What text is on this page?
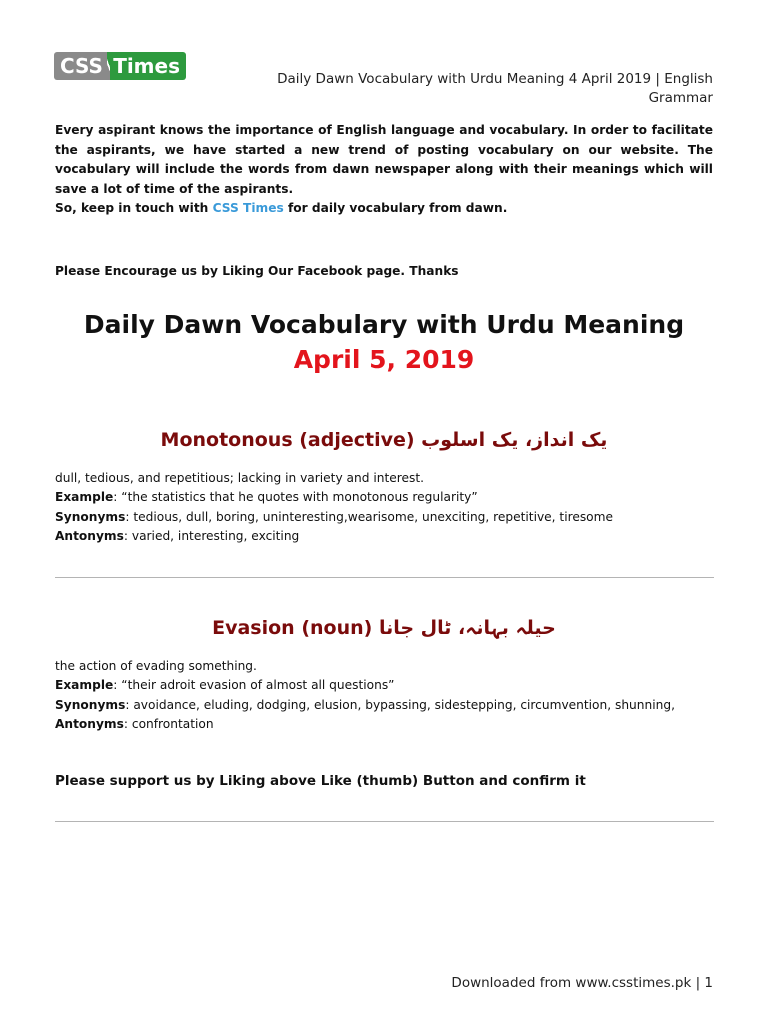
CSS Times
Daily Dawn Vocabulary with Urdu Meaning 4 April 2019 | English Grammar

Every aspirant knows the importance of English language and vocabulary. In order to facilitate the aspirants, we have started a new trend of posting vocabulary on our website. The vocabulary will include the words from dawn newspaper along with their meanings which will save a lot of time of the aspirants.

So, keep in touch with CSS Times for daily vocabulary from dawn.

Please Encourage us by Liking Our Facebook page. Thanks
Daily Dawn Vocabulary with Urdu Meaning
April 5, 2019
Monotonous (adjective) یک انداز، یک اسلوب
dull, tedious, and repetitious; lacking in variety and interest.
Example: “the statistics that he quotes with monotonous regularity”
Synonyms: tedious, dull, boring, uninteresting,wearisome, unexciting, repetitive, tiresome
Antonyms: varied, interesting, exciting
Evasion (noun) حیلہ بہانہ، ٹال جانا
the action of evading something.
Example: “their adroit evasion of almost all questions”
Synonyms: avoidance, eluding, dodging, elusion, bypassing, sidestepping, circumvention, shunning,
Antonyms: confrontation
Please support us by Liking above Like (thumb) Button and confirm it
Downloaded from www.csstimes.pk | 1
